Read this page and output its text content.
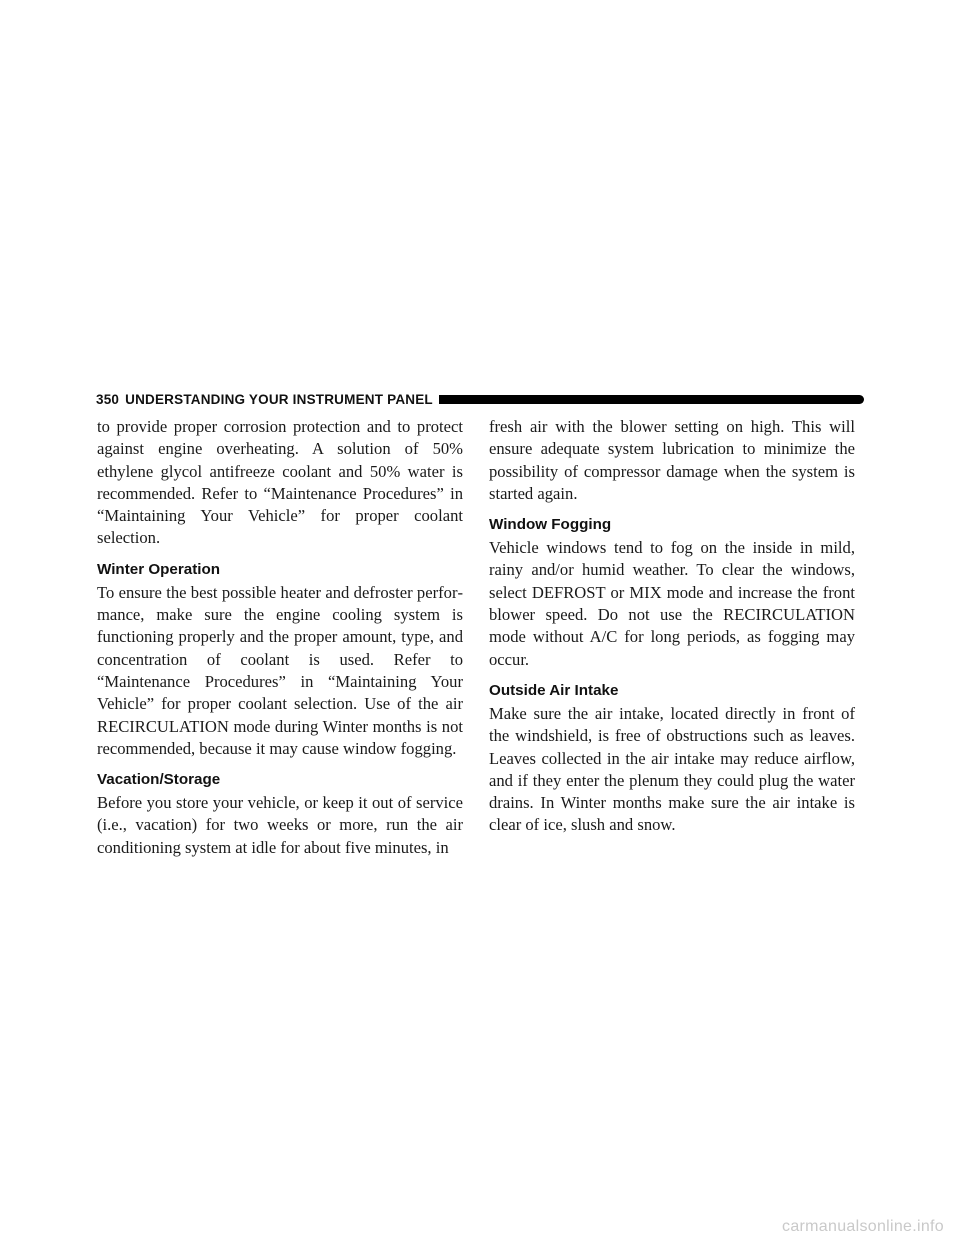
350 UNDERSTANDING YOUR INSTRUMENT PANEL

to provide proper corrosion protection and to protect against engine overheating. A solution of 50% ethylene glycol antifreeze coolant and 50% water is recommended. Refer to “Maintenance Procedures” in “Maintaining Your Vehicle” for proper coolant selection.

Winter Operation

To ensure the best possible heater and defroster performance, make sure the engine cooling system is functioning properly and the proper amount, type, and concentration of coolant is used. Refer to “Maintenance Procedures” in “Maintaining Your Vehicle” for proper coolant selection. Use of the air RECIRCULATION mode during Winter months is not recommended, because it may cause window fogging.

Vacation/Storage

Before you store your vehicle, or keep it out of service (i.e., vacation) for two weeks or more, run the air conditioning system at idle for about five minutes, in

fresh air with the blower setting on high. This will ensure adequate system lubrication to minimize the possibility of compressor damage when the system is started again.

Window Fogging

Vehicle windows tend to fog on the inside in mild, rainy and/or humid weather. To clear the windows, select DEFROST or MIX mode and increase the front blower speed. Do not use the RECIRCULATION mode without A/C for long periods, as fogging may occur.

Outside Air Intake

Make sure the air intake, located directly in front of the windshield, is free of obstructions such as leaves. Leaves collected in the air intake may reduce airflow, and if they enter the plenum they could plug the water drains. In Winter months make sure the air intake is clear of ice, slush and snow.

carmanualsonline.info
